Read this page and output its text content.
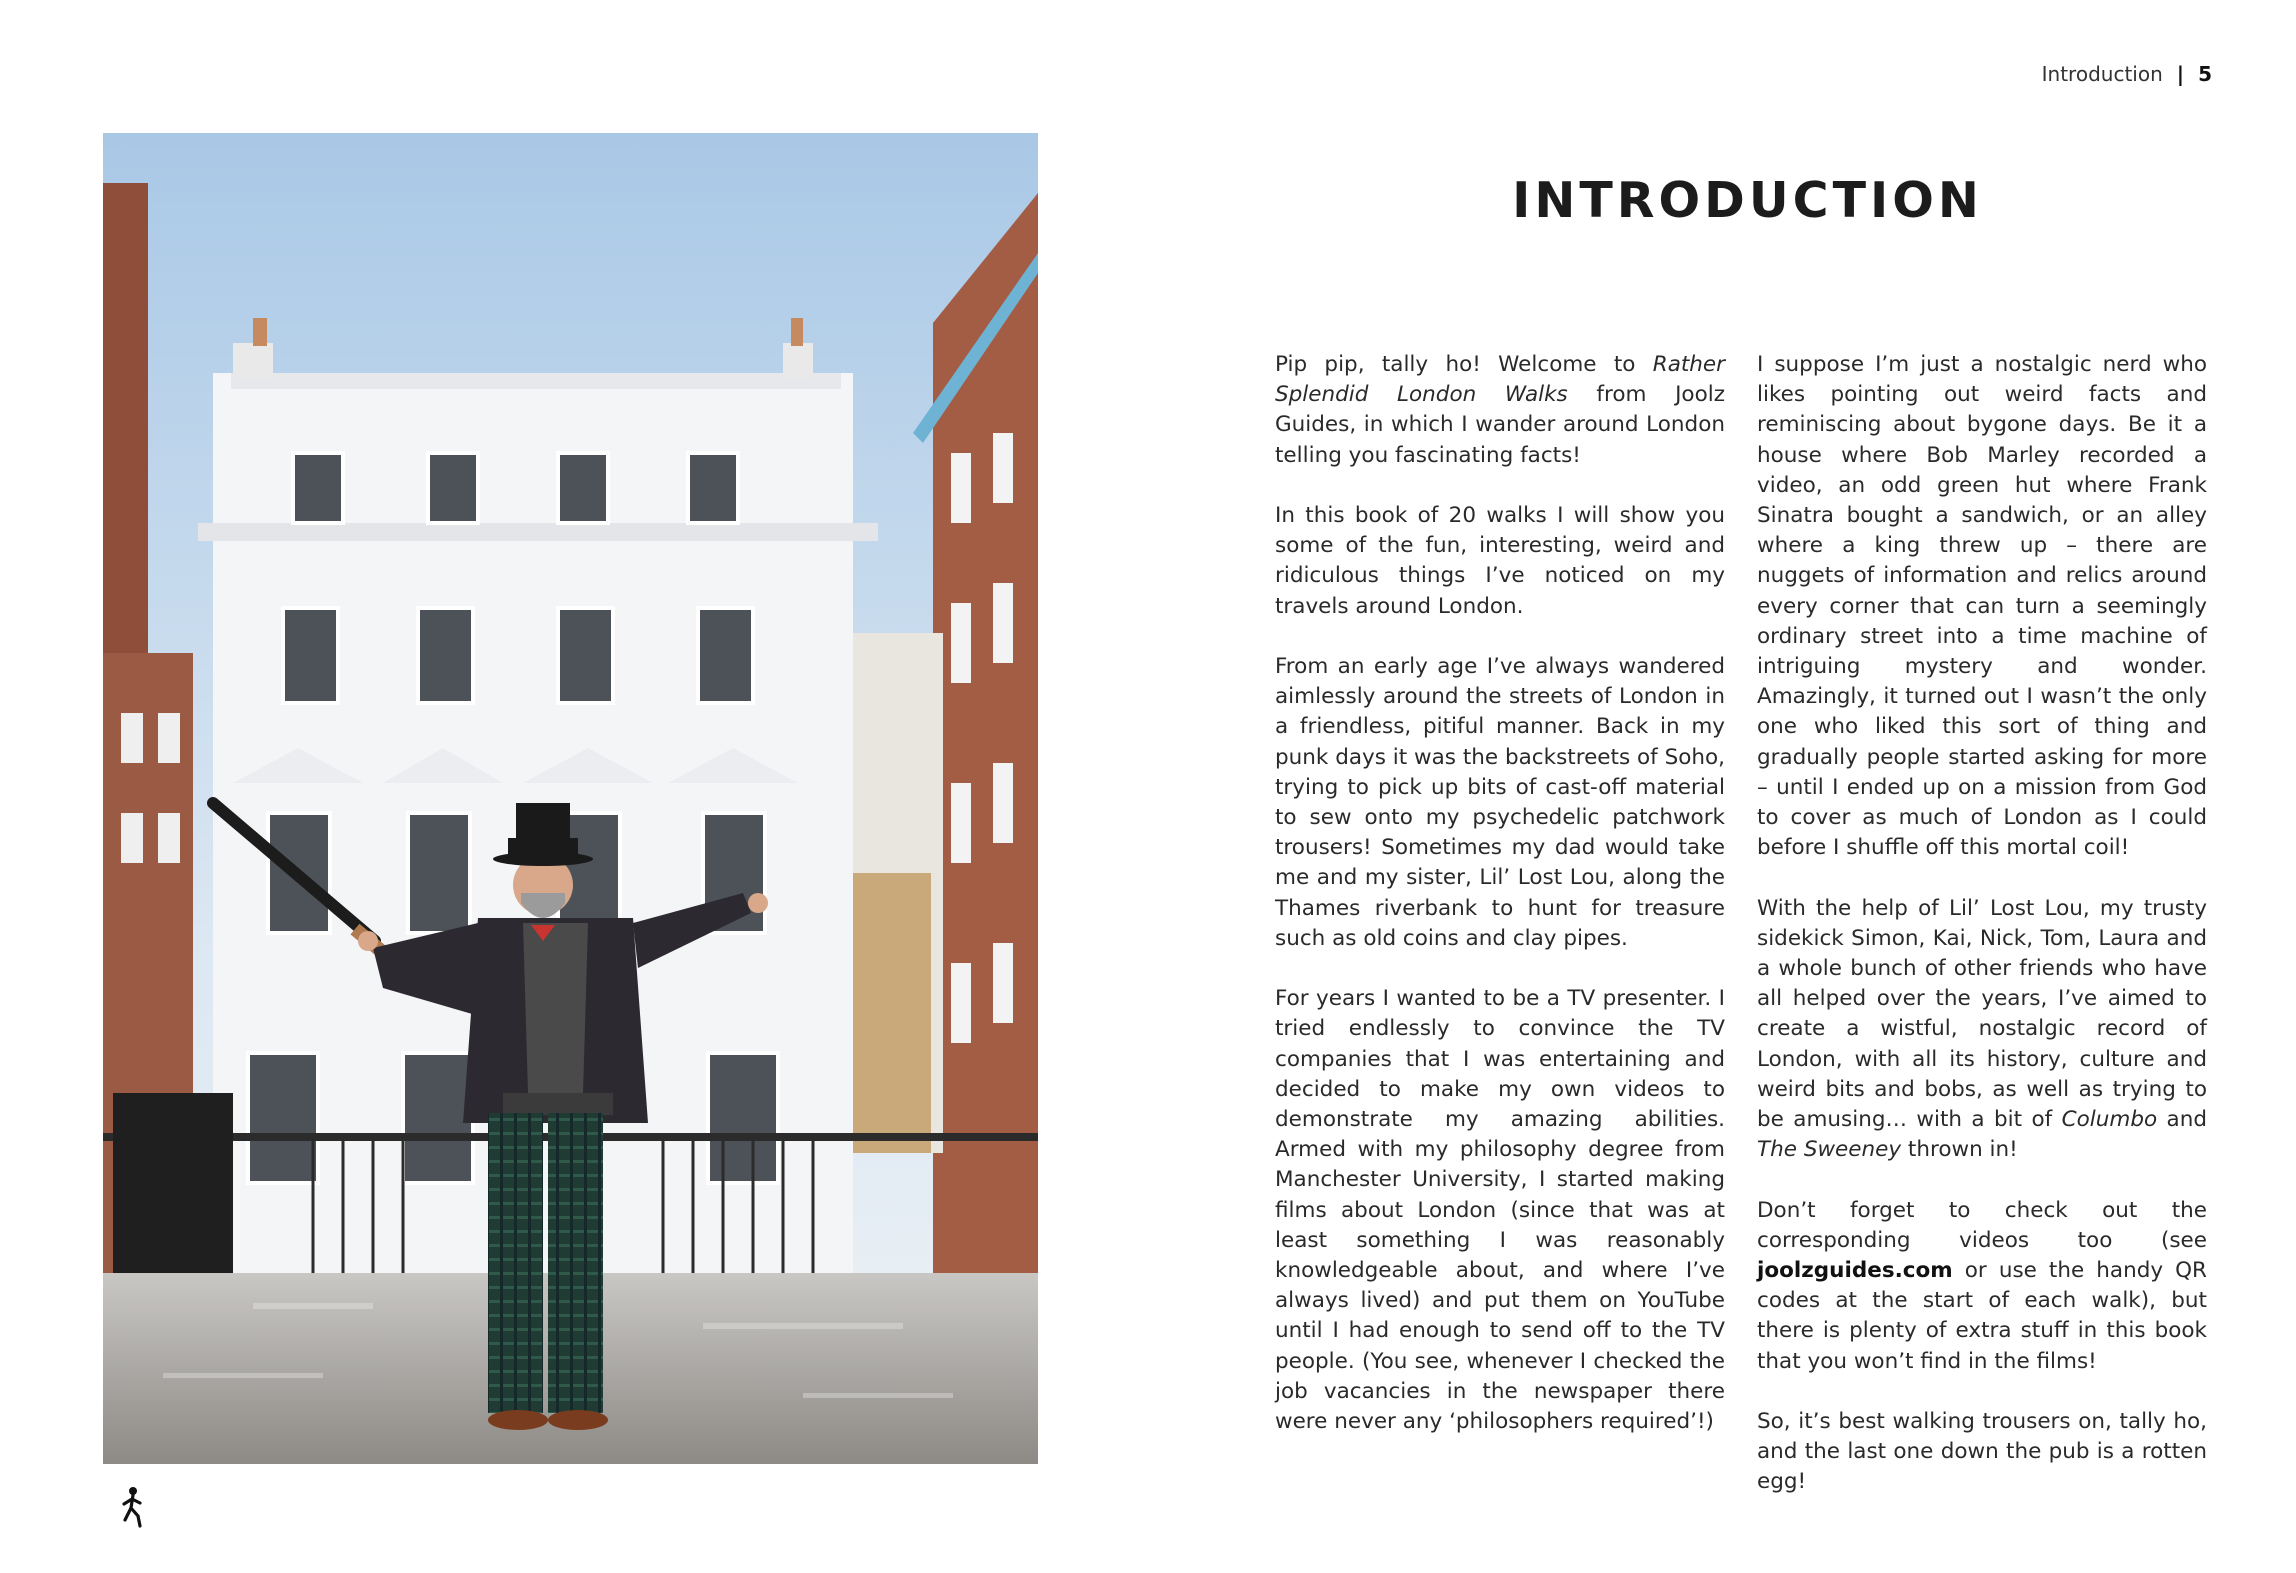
Introduction | 5
INTRODUCTION

Pip pip, tally ho! Welcome to Rather Splendid London Walks from Joolz Guides, in which I wander around London telling you fascinating facts!

In this book of 20 walks I will show you some of the fun, interesting, weird and ridiculous things I’ve noticed on my travels around London.

From an early age I’ve always wandered aimlessly around the streets of London in a friendless, pitiful manner. Back in my punk days it was the backstreets of Soho, trying to pick up bits of cast-off material to sew onto my psychedelic patchwork trousers! Sometimes my dad would take me and my sister, Lil’ Lost Lou, along the Thames riverbank to hunt for treasure such as old coins and clay pipes.

For years I wanted to be a TV presenter. I tried endlessly to convince the TV companies that I was entertaining and decided to make my own videos to demonstrate my amazing abilities. Armed with my philosophy degree from Manchester University, I started making films about London (since that was at least something I was reasonably knowledgeable about, and where I’ve always lived) and put them on YouTube until I had enough to send off to the TV people. (You see, whenever I checked the job vacancies in the newspaper there were never any ‘philosophers required’!)

I suppose I’m just a nostalgic nerd who likes pointing out weird facts and reminiscing about bygone days. Be it a house where Bob Marley recorded a video, an odd green hut where Frank Sinatra bought a sandwich, or an alley where a king threw up – there are nuggets of information and relics around every corner that can turn a seemingly ordinary street into a time machine of intriguing mystery and wonder. Amazingly, it turned out I wasn’t the only one who liked this sort of thing and gradually people started asking for more – until I ended up on a mission from God to cover as much of London as I could before I shuffle off this mortal coil!

With the help of Lil’ Lost Lou, my trusty sidekick Simon, Kai, Nick, Tom, Laura and a whole bunch of other friends who have all helped over the years, I’ve aimed to create a wistful, nostalgic record of London, with all its history, culture and weird bits and bobs, as well as trying to be amusing… with a bit of Columbo and The Sweeney thrown in!

Don’t forget to check out the corresponding videos too (see joolzguides.com or use the handy QR codes at the start of each walk), but there is plenty of extra stuff in this book that you won’t find in the films!

So, it’s best walking trousers on, tally ho, and the last one down the pub is a rotten egg!
